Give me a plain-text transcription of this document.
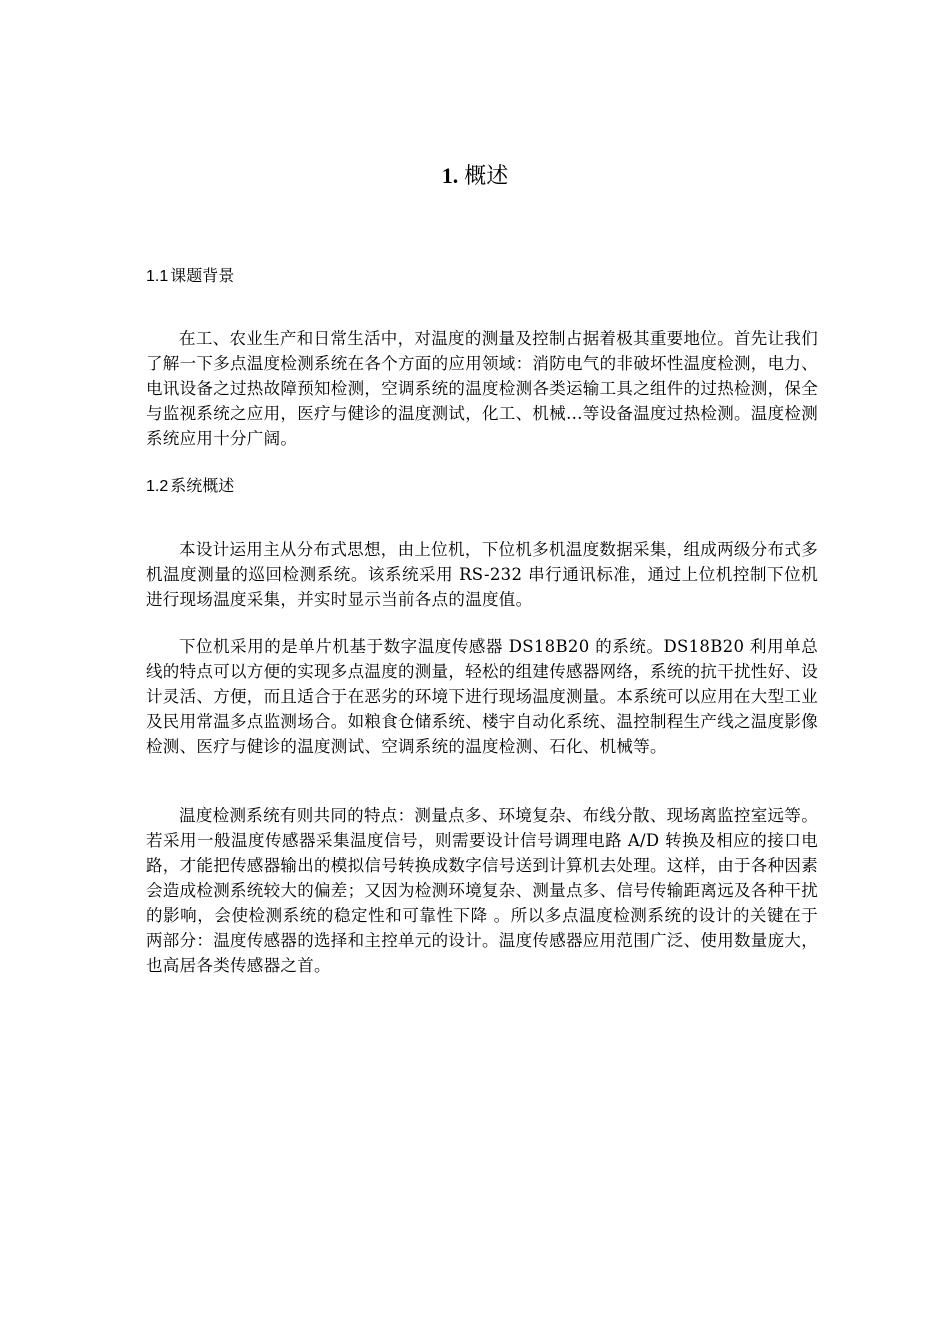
1. 概述
1.1 课题背景

在工、农业生产和日常生活中，对温度的测量及控制占据着极其重要地位。首先让我们了解一下多点温度检测系统在各个方面的应用领域：消防电气的非破坏性温度检测，电力、电讯设备之过热故障预知检测，空调系统的温度检测各类运输工具之组件的过热检测，保全与监视系统之应用，医疗与健诊的温度测试，化工、机械…等设备温度过热检测。温度检测系统应用十分广阔。

1.2 系统概述

本设计运用主从分布式思想，由上位机，下位机多机温度数据采集，组成两级分布式多机温度测量的巡回检测系统。该系统采用 RS-232 串行通讯标准，通过上位机控制下位机进行现场温度采集，并实时显示当前各点的温度值。

下位机采用的是单片机基于数字温度传感器 DS18B20 的系统。DS18B20 利用单总线的特点可以方便的实现多点温度的测量，轻松的组建传感器网络，系统的抗干扰性好、设计灵活、方便，而且适合于在恶劣的环境下进行现场温度测量。本系统可以应用在大型工业及民用常温多点监测场合。如粮食仓储系统、楼宇自动化系统、温控制程生产线之温度影像检测、医疗与健诊的温度测试、空调系统的温度检测、石化、机械等。

温度检测系统有则共同的特点：测量点多、环境复杂、布线分散、现场离监控室远等。若采用一般温度传感器采集温度信号，则需要设计信号调理电路 A/D 转换及相应的接口电路，才能把传感器输出的模拟信号转换成数字信号送到计算机去处理。这样，由于各种因素会造成检测系统较大的偏差；又因为检测环境复杂、测量点多、信号传输距离远及各种干扰的影响，会使检测系统的稳定性和可靠性下降 。所以多点温度检测系统的设计的关键在于两部分：温度传感器的选择和主控单元的设计。温度传感器应用范围广泛、使用数量庞大，也高居各类传感器之首。
